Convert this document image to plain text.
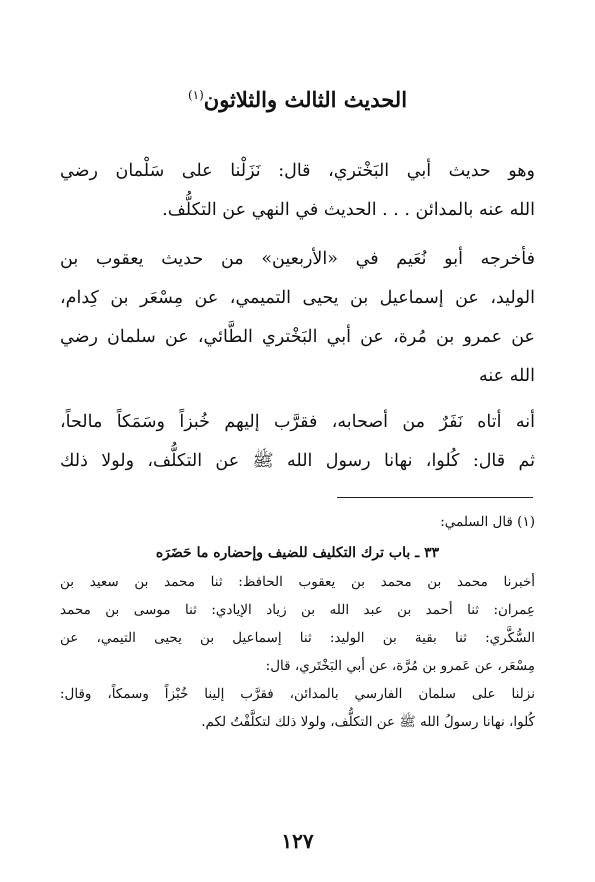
الحديث الثالث والثلاثون$^{(١)}$
وهو حديث أبي البَخْتري، قال: نَزَلْنا على سَلْمان رضي
الله عنه بالمدائن . . . الحديث في النهي عن التكلُّف.
فأخرجه أبو نُعَيم في «الأربعين» من حديث يعقوب بن
الوليد، عن إسماعيل بن يحيى التميمي، عن مِسْعَر بن كِدام،
عن عمرو بن مُرة، عن أبي البَخْتري الطَّائي، عن سلمان رضي
الله عنه
أنه أتاه نَفَرٌ من أصحابه، فقرَّب إليهم خُبزاً وسَمَكاً مالحاً،
ثم قال: كُلوا، نهانا رسول الله ﷺ عن التكلُّف، ولولا ذلك
(١) قال السلمي:
٣٣ ـ باب ترك التكليف للضيف وإحضاره ما حَضَرَه
أخبرنا محمد بن محمد بن يعقوب الحافظ: ثنا محمد بن سعيد بن
عِمران: ثنا أحمد بن عبد الله بن زياد الإيادي: ثنا موسى بن محمد
السُّكَّري: ثنا بقية بن الوليد: ثنا إسماعيل بن يحيى التيمي، عن
مِسْعَر، عن عَمرو بن مُرَّة، عن أبي البَخْتَري، قال:
نزلنا على سلمان الفارسي بالمدائن، فقرَّب إلينا خُبْزاً وسمكاً، وقال:
كُلوا، نهانا رسولُ الله ﷺ عن التكلُّف، ولولا ذلك لتكلَّفْتُ لكم.
١٢٧
